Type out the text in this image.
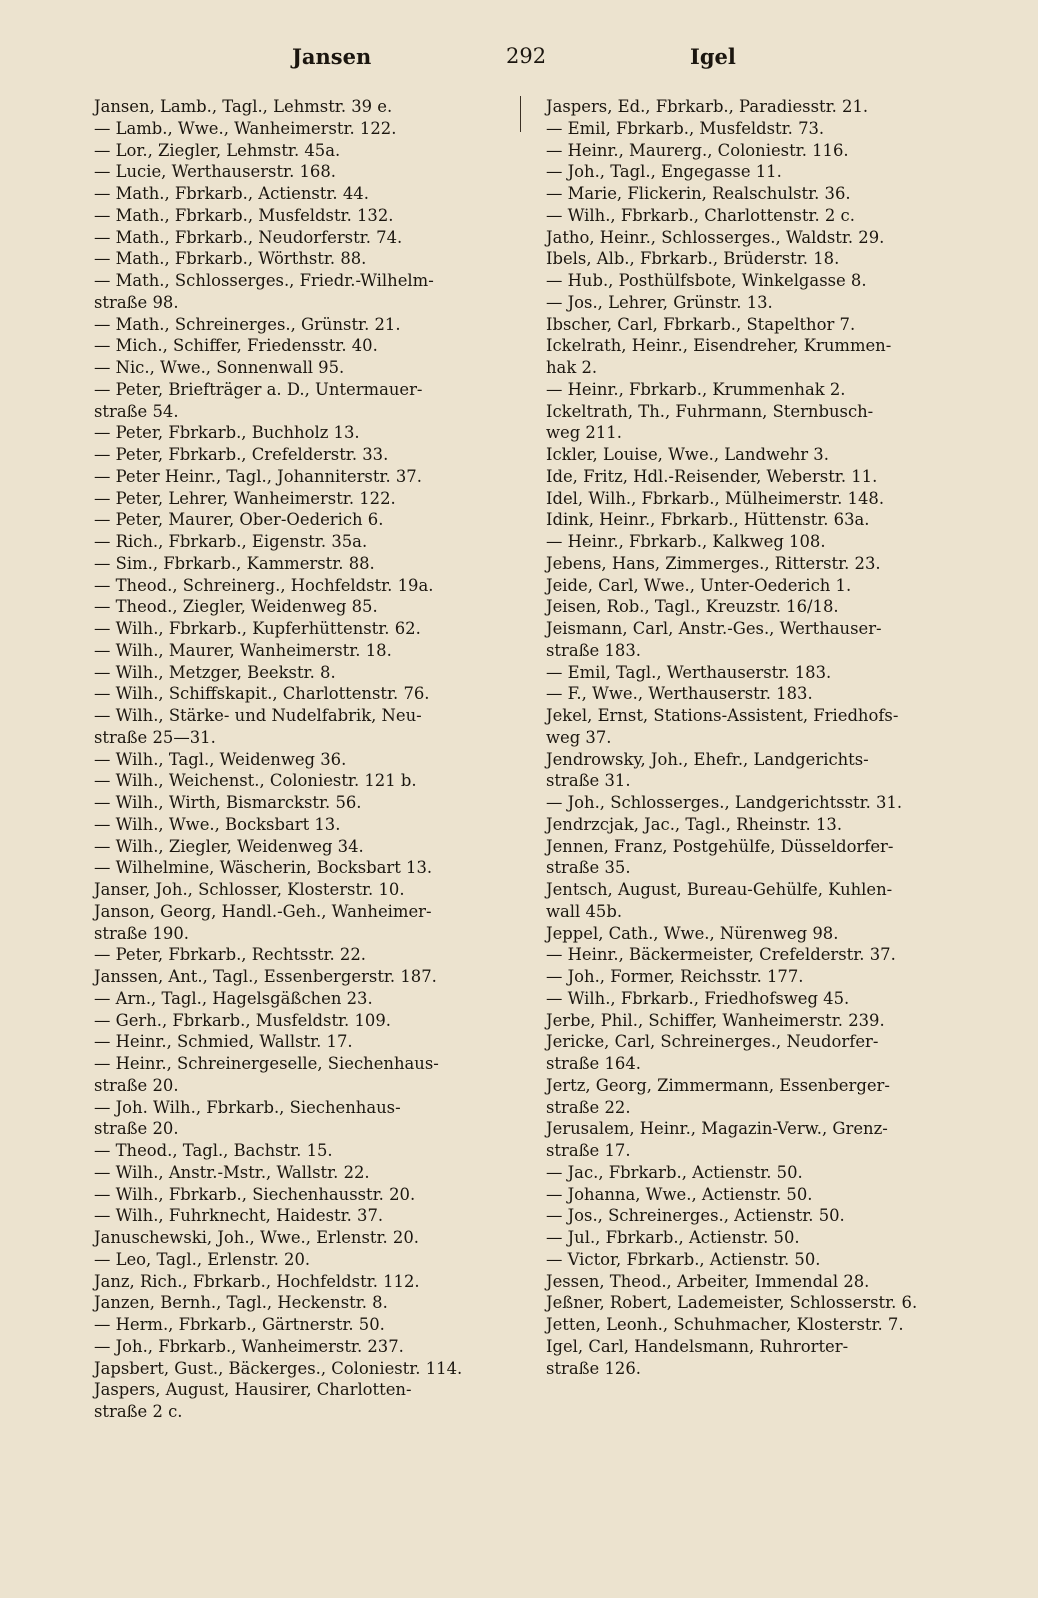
Jansen	292	Igel
Jansen, Lamb., Tagl., Lehmstr. 39 e.
— Lamb., Wwe., Wanheimerstr. 122.
— Lor., Ziegler, Lehmstr. 45a.
— Lucie, Werthauserstr. 168.
— Math., Fbrkarb., Actienstr. 44.
— Math., Fbrkarb., Musfeldstr. 132.
— Math., Fbrkarb., Neudorferstr. 74.
— Math., Fbrkarb., Wörthstr. 88.
— Math., Schlosserges., Friedr.-Wilhelm-
straße 98.
— Math., Schreinerges., Grünstr. 21.
— Mich., Schiffer, Friedensstr. 40.
— Nic., Wwe., Sonnenwall 95.
— Peter, Briefträger a. D., Untermauer-
straße 54.
— Peter, Fbrkarb., Buchholz 13.
— Peter, Fbrkarb., Crefelderstr. 33.
— Peter Heinr., Tagl., Johanniterstr. 37.
— Peter, Lehrer, Wanheimerstr. 122.
— Peter, Maurer, Ober-Oederich 6.
— Rich., Fbrkarb., Eigenstr. 35a.
— Sim., Fbrkarb., Kammerstr. 88.
— Theod., Schreinerg., Hochfeldstr. 19a.
— Theod., Ziegler, Weidenweg 85.
— Wilh., Fbrkarb., Kupferhüttenstr. 62.
— Wilh., Maurer, Wanheimerstr. 18.
— Wilh., Metzger, Beekstr. 8.
— Wilh., Schiffskapit., Charlottenstr. 76.
— Wilh., Stärke- und Nudelfabrik, Neu-
straße 25—31.
— Wilh., Tagl., Weidenweg 36.
— Wilh., Weichenst., Coloniestr. 121 b.
— Wilh., Wirth, Bismarckstr. 56.
— Wilh., Wwe., Bocksbart 13.
— Wilh., Ziegler, Weidenweg 34.
— Wilhelmine, Wäscherin, Bocksbart 13.
Janser, Joh., Schlosser, Klosterstr. 10.
Janson, Georg, Handl.-Geh., Wanheimer-
straße 190.
— Peter, Fbrkarb., Rechtsstr. 22.
Janssen, Ant., Tagl., Essenbergerstr. 187.
— Arn., Tagl., Hagelsgäßchen 23.
— Gerh., Fbrkarb., Musfeldstr. 109.
— Heinr., Schmied, Wallstr. 17.
— Heinr., Schreinergeselle, Siechenhaus-
straße 20.
— Joh. Wilh., Fbrkarb., Siechenhaus-
straße 20.
— Theod., Tagl., Bachstr. 15.
— Wilh., Anstr.-Mstr., Wallstr. 22.
— Wilh., Fbrkarb., Siechenhausstr. 20.
— Wilh., Fuhrknecht, Haidestr. 37.
Januschewski, Joh., Wwe., Erlenstr. 20.
— Leo, Tagl., Erlenstr. 20.
Janz, Rich., Fbrkarb., Hochfeldstr. 112.
Janzen, Bernh., Tagl., Heckenstr. 8.
— Herm., Fbrkarb., Gärtnerstr. 50.
— Joh., Fbrkarb., Wanheimerstr. 237.
Japsbert, Gust., Bäckerges., Coloniestr. 114.
Jaspers, August, Hausirer, Charlotten-
straße 2 c.
Jaspers, Ed., Fbrkarb., Paradiesstr. 21.
— Emil, Fbrkarb., Musfeldstr. 73.
— Heinr., Maurerg., Coloniestr. 116.
— Joh., Tagl., Engegasse 11.
— Marie, Flickerin, Realschulstr. 36.
— Wilh., Fbrkarb., Charlottenstr. 2 c.
Jatho, Heinr., Schlosserges., Waldstr. 29.
Ibels, Alb., Fbrkarb., Brüderstr. 18.
— Hub., Posthülfsbote, Winkelgasse 8.
— Jos., Lehrer, Grünstr. 13.
Ibscher, Carl, Fbrkarb., Stapelthor 7.
Ickelrath, Heinr., Eisendreher, Krummen-
hak 2.
— Heinr., Fbrkarb., Krummenhak 2.
Ickeltrath, Th., Fuhrmann, Sternbusch-
weg 211.
Ickler, Louise, Wwe., Landwehr 3.
Ide, Fritz, Hdl.-Reisender, Weberstr. 11.
Idel, Wilh., Fbrkarb., Mülheimerstr. 148.
Idink, Heinr., Fbrkarb., Hüttenstr. 63a.
— Heinr., Fbrkarb., Kalkweg 108.
Jebens, Hans, Zimmerges., Ritterstr. 23.
Jeide, Carl, Wwe., Unter-Oederich 1.
Jeisen, Rob., Tagl., Kreuzstr. 16/18.
Jeismann, Carl, Anstr.-Ges., Werthauser-
straße 183.
— Emil, Tagl., Werthauserstr. 183.
— F., Wwe., Werthauserstr. 183.
Jekel, Ernst, Stations-Assistent, Friedhofs-
weg 37.
Jendrowsky, Joh., Ehefr., Landgerichts-
straße 31.
— Joh., Schlosserges., Landgerichtsstr. 31.
Jendrzcjak, Jac., Tagl., Rheinstr. 13.
Jennen, Franz, Postgehülfe, Düsseldorfer-
straße 35.
Jentsch, August, Bureau-Gehülfe, Kuhlen-
wall 45b.
Jeppel, Cath., Wwe., Nürenweg 98.
— Heinr., Bäckermeister, Crefelderstr. 37.
— Joh., Former, Reichsstr. 177.
— Wilh., Fbrkarb., Friedhofsweg 45.
Jerbe, Phil., Schiffer, Wanheimerstr. 239.
Jericke, Carl, Schreinerges., Neudorfer-
straße 164.
Jertz, Georg, Zimmermann, Essenberger-
straße 22.
Jerusalem, Heinr., Magazin-Verw., Grenz-
straße 17.
— Jac., Fbrkarb., Actienstr. 50.
— Johanna, Wwe., Actienstr. 50.
— Jos., Schreinerges., Actienstr. 50.
— Jul., Fbrkarb., Actienstr. 50.
— Victor, Fbrkarb., Actienstr. 50.
Jessen, Theod., Arbeiter, Immendal 28.
Jeßner, Robert, Lademeister, Schlosserstr. 6.
Jetten, Leonh., Schuhmacher, Klosterstr. 7.
Igel, Carl, Handelsmann, Ruhrorter-
straße 126.
